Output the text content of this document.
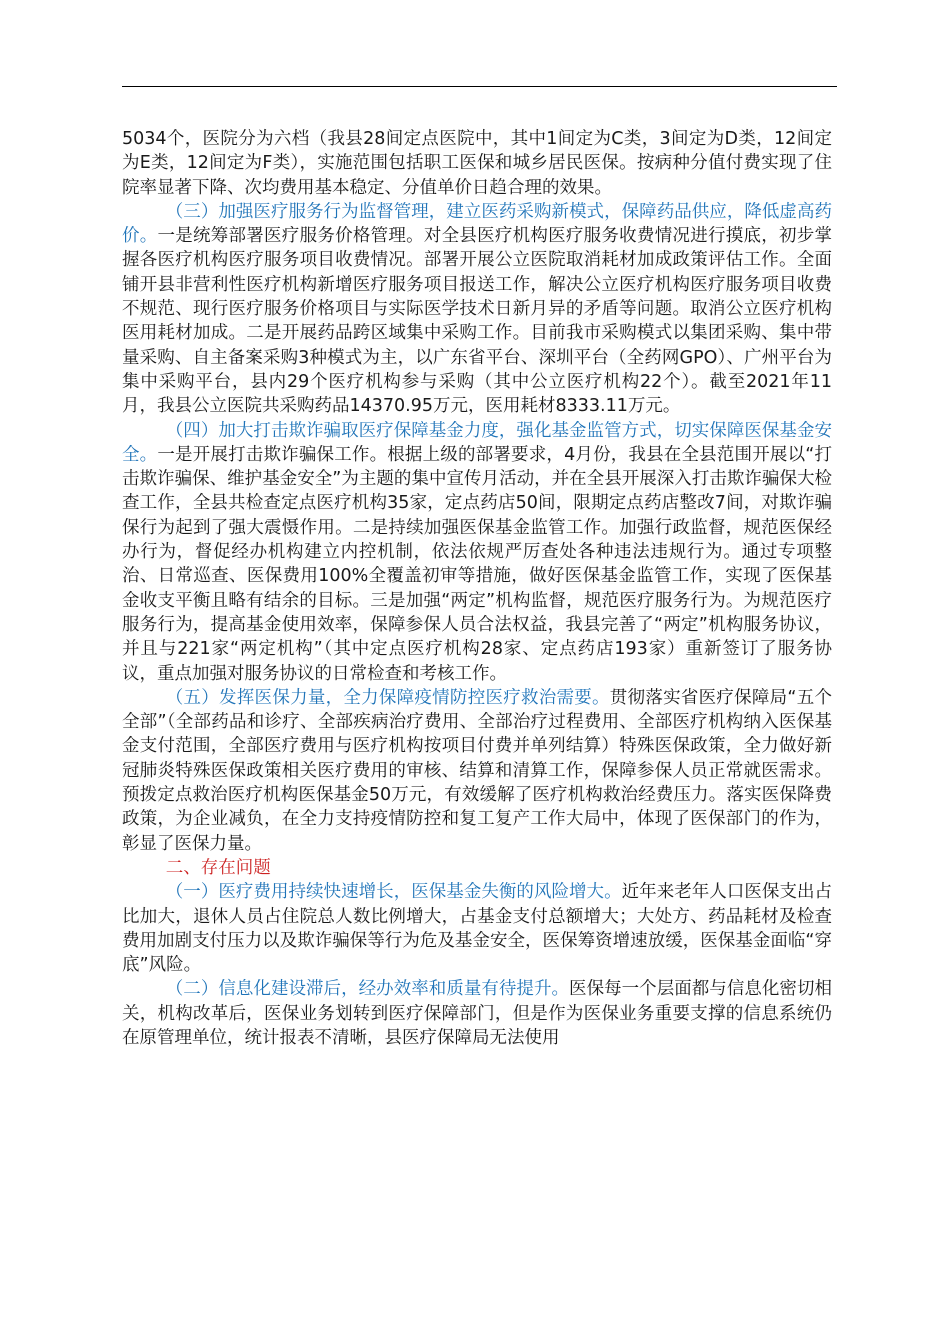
5034个，医院分为六档（我县28间定点医院中，其中1间定为C类，3间定为D类，12间定为E类，12间定为F类），实施范围包括职工医保和城乡居民医保。按病种分值付费实现了住院率显著下降、次均费用基本稳定、分值单价日趋合理的效果。

（三）加强医疗服务行为监督管理，建立医药采购新模式，保障药品供应，降低虚高药价。一是统筹部署医疗服务价格管理。对全县医疗机构医疗服务收费情况进行摸底，初步掌握各医疗机构医疗服务项目收费情况。部署开展公立医院取消耗材加成政策评估工作。全面铺开县非营利性医疗机构新增医疗服务项目报送工作，解决公立医疗机构医疗服务项目收费不规范、现行医疗服务价格项目与实际医学技术日新月异的矛盾等问题。取消公立医疗机构医用耗材加成。二是开展药品跨区域集中采购工作。目前我市采购模式以集团采购、集中带量采购、自主备案采购3种模式为主，以广东省平台、深圳平台（全药网GPO）、广州平台为集中采购平台，县内29个医疗机构参与采购（其中公立医疗机构22个）。截至2021年11月，我县公立医院共采购药品14370.95万元，医用耗材8333.11万元。

（四）加大打击欺诈骗取医疗保障基金力度，强化基金监管方式，切实保障医保基金安全。一是开展打击欺诈骗保工作。根据上级的部署要求，4月份，我县在全县范围开展以“打击欺诈骗保、维护基金安全”为主题的集中宣传月活动，并在全县开展深入打击欺诈骗保大检查工作，全县共检查定点医疗机构35家，定点药店50间，限期定点药店整改7间，对欺诈骗保行为起到了强大震慑作用。二是持续加强医保基金监管工作。加强行政监督，规范医保经办行为，督促经办机构建立内控机制，依法依规严厉查处各种违法违规行为。通过专项整治、日常巡查、医保费用100%全覆盖初审等措施，做好医保基金监管工作，实现了医保基金收支平衡且略有结余的目标。三是加强“两定”机构监督，规范医疗服务行为。为规范医疗服务行为，提高基金使用效率，保障参保人员合法权益，我县完善了“两定”机构服务协议，并且与221家“两定机构”（其中定点医疗机构28家、定点药店193家）重新签订了服务协议，重点加强对服务协议的日常检查和考核工作。

（五）发挥医保力量，全力保障疫情防控医疗救治需要。贯彻落实省医疗保障局“五个全部”（全部药品和诊疗、全部疾病治疗费用、全部治疗过程费用、全部医疗机构纳入医保基金支付范围，全部医疗费用与医疗机构按项目付费并单列结算）特殊医保政策，全力做好新冠肺炎特殊医保政策相关医疗费用的审核、结算和清算工作，保障参保人员正常就医需求。预拨定点救治医疗机构医保基金50万元，有效缓解了医疗机构救治经费压力。落实医保降费政策，为企业减负，在全力支持疫情防控和复工复产工作大局中，体现了医保部门的作为，彰显了医保力量。

二、存在问题

（一）医疗费用持续快速增长，医保基金失衡的风险增大。近年来老年人口医保支出占比加大，退休人员占住院总人数比例增大，占基金支付总额增大；大处方、药品耗材及检查费用加剧支付压力以及欺诈骗保等行为危及基金安全，医保筹资增速放缓，医保基金面临“穿底”风险。

（二）信息化建设滞后，经办效率和质量有待提升。医保每一个层面都与信息化密切相关，机构改革后，医保业务划转到医疗保障部门，但是作为医保业务重要支撑的信息系统仍在原管理单位，统计报表不清晰，县医疗保障局无法使用
